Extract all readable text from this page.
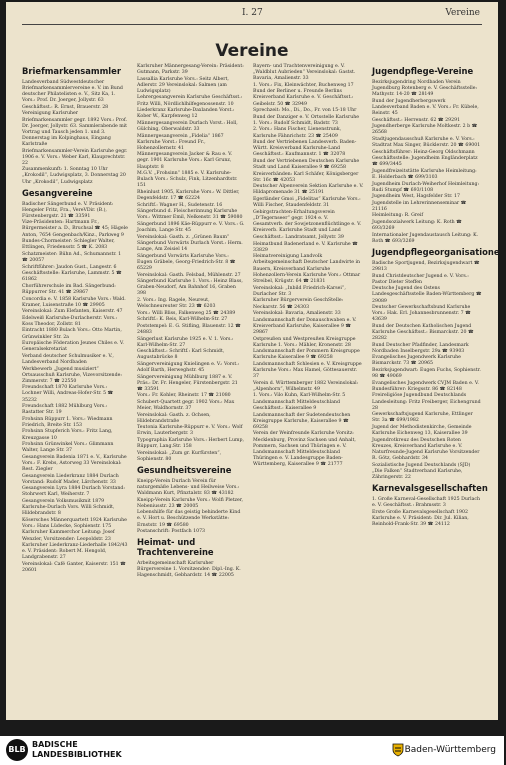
I. 27	Vereine
Vereine
Briefmarkensammler
Landesverband Südwestdeutscher Briefmarkensammlervereine e. V. im Bund deutscher Philatelisten e. V., Sitz Ka, 1. Vors.: Prof. Dr. Joerger, Jollystr. 63
Geschäftsst.: R. Ernst, Brauerstr. 28
Vereinigung Karlsruher Briefmarkensammler gegr. 1892 Vors.: Prof. Dr. Joerger, Jollystr. 63. Sammlerabende mit Vortrag und Tausch jeden 1. und 3. Donnerstag im Kolpinghaus, Eingang Karlstraße
Briefmarkensammler-Verein Karlsruhe gegr. 1906 e. V. Vors.: Weber Karl, Klauprechtstr. 22
Zusammenkunft: 1. Sonntag 10 Uhr „Krokodil“, Ludwigsplatz, 3. Donnerstag 20 Uhr „Krokodil“, Ludwigsplatz
Gesangvereine
Badischer Sängerbund e. V. Präsident: Hengeler Fritz, Fra., VereVDir. (B.), Fürstenbergstr. 21 ☎ 33591
Vize-Präsidenten: Hartmann Fr., Bürgermeister a. D., Bruchsal ☎ 45; Hägele Anton, 7654 Gengenbach/Kinz., Parkweg 9
Bundes-Chormeister: Schlegler Walter, Ettlingen, Friedensstr. 5 ☎ K. 2083
Schatzmeister: Bühn Ad., Schumannstr. 1 ☎ 20057
Schriftführer: Jaudon Gust., Langestr. 6
Geschäftsstelle: Karlsruhe, Lammstr. 5 ☎ 61862
Chorführerschule im Bad. Sängerbund: Rüppurrer Str. 41 ☎ 29867
Concordia e. V. 1858 Karlsruhe Vors.: Wald. Kramer, Luisenstraße 10 ☎ 29905
Vereinslokal: Zum Elefanten, Kaiserstr. 47
Edelweiß Karlsruhe-Durlacherstr. Vors.: Koss Theodor, Zollstr. 81
Eintracht 1880 Bulach Vors.: Otto Martin, Grünwinkler Str. 2a
Europäische Föderation Jeunes Chiles e. V. Generalsekretariat
Verband deutscher Schulmusiker e. V., Landesverband Nordbaden
Werkbewerb „Jugend musiziert“ Ortsausschuß Karlsruhe, Vizevorsitzende: Zimmerstr. 7 ☎ 22550
Freundschaft 1870 Karlsruhe Vors.: Lochner Willi, Andreas-Hofer-Str. 5 ☎ 35232
Freundschaft 1882 Mühlburg Vors.: Rastatter Str. 19
Frohsinn Rüppurr 1. Vors.: Wiedmann Friedrich, Breite Str. 153
Frohsinn Stupferich Vors.: Fritz Lang, Kreuzgasse 10
Frohsinn Grünwinkel Vors.: Glimmann Walter, Lange Str. 37
Gesangverein Badenia 1871 e. V., Karlsruhe Vors.: F. Krebs, Astorweg 33 Vereinslokal: Rest. Ziegler
Gesangverein Liederkranz 1884 Durlach Vorstand: Rudolf Mader, Lärchenstr. 33
Gesangverein Lyra 1884 Durlach Vorstand: Stohrwert Karl, Weiherstr. 7
Gesangverein Volksmusikmit 1879 Karlsruhe-Durlach Vors. Willi Schmidt, Hildebrandstr. 8
Kösersches Männerquartett 1924 Karlsruhe Vors.: Hans Lüdecke, Sophienstr. 175
Karlsruher Kammerchor Leitung: Josef Wenzler, Vorsitzender: Leopoldstr. 23
Karlsruher Liederkranz-Liederhalle 1842/43 e. V. Präsident: Robert M. Hengold, Landgrabenstr. 27
Vereinslokal: Café Ganter, Kaiserstr. 151 ☎ 20601
Karlsruher Männergesang-Verein: Präsident: Gutmann, Parkstr. 39
Lassallia Karlsruhe Vors.: Seitz Albert, Adlerstr. 29 Vereinslokal: Salmen (am Ludwigsplatz)
Lehrergesangverein Karlsruhe Geschäftsst.: Fritz Willi, Nördlichlhilfegenossenstr. 10
Liederkranz Karlsruhe-Daxlanden Vorst.: Kober W., Karpfenweg 12
Männergesangverein Durlach Vorst.: Holl, Gülching, Oberwaldstr. 33
Männergesangverein „Fidelia“ 1867 Karlsruhe Vorst.: Freund Fr., Hohenzollernstr. 41
Männergesangverein Jacker & Rau e. V. gegr. 1901 Karlsruhe Vors.: Karl Grunz, Hauptstr. 8
M.G.V. „Frohsinn“ 1885 e. V. Karlsruhe-Bulach Vors.: Schulz, Fink, Litzenhardtstr. 151
Rheinlust 1905, Karlsruhe Vors.: W. Dittler, Degenfeldstr. 17 ☎ 62224
Schriftf.: Wagner H., Sudetenstr. 16
Sängerbund d. Fleischerinnung Karlsruhe Vors.: Wittmer Emil, Nelkenstr. 31 ☎ 59080
Sängerbund 1896 Käe-Rüppurr e. V. Vors.: G. Joachim, Lange Str. 45
Vereinslokal: Gasth. z. „Grünen Baum“
Sängerbund Vorwärts Durlach Vorst.: Herm. Lange, Am Zeisiel 14
Sängerbund Vorwärts Karlsruhe Vors.: Eugen Gräbele, Georg-Friedrich-Str. 8 ☎ 65229
Vereinslokal: Gasth. Felsbad, Mühlenstr. 27
Sängerbund Karlsruhe 1. Vors.: Heinz Blass, Graben-Neudorf, Am Bahnhof 16, Graben 398
2. Vors.: Ing. Ragele, Neureut, Welschneureuter Str. 23 ☎ 6203
Vors.: Willi Bliss, Falkenweg 25 ☎ 24389
Schriftf.: K. Reis, Karl-Wilhelm-Str. 27
Poststempel: E. G. Stifling, Blauenstr. 12 ☎ 24883
Sängerlust Karlsruhe 1925 e. V. 1. Vors.: Karl-Wilhelm-Str. 27
Geschäftsst.: Schriftf.: Karl Schmidt, Augustabrücke 8
Sängervereinigung Knielingen e. V.: Vorst.: Adolf Barth, Herweghstr. 45
Sängervereinigung Mühlburg 1887 e. V. Präs.: Dr. Fr. Hengeler, Fürstenbergstr. 21 ☎ 33591
Vors.: Fr. Kohler, Rheinstr. 17 ☎ 21080
Schubert-Quartett gegr. 1902 Vors.: Max Meier, Waldhornstr. 37
Vereinslokal: Gasth. z. Ochsen, Hildebrandstraße
Teutonia Karlsruhe-Rüppurr e. V. Vors.: Wolf Erwin, Lauterbergstr. 3
Typographia Karlsruhe Vors.: Herbert Lump, Rüppurr, Lang.Str. 158
Vereinslokal: „Zum gr. Kurfürsten“, Sophienstr. 80
Gesundheitsvereine
Kneipp-Verein Durlach Verein für naturgemäße Lebens- und Heilweise Vors.: Waldmann Kurt, Pfinztalstr. 83 ☎ 43182
Kneipp-Verein Karlsruhe Vors.: Wolfi Pletzer, Nebeniusstr. 23 ☎ 20005
Lebenshilfe für das geistig behinderte Kind e. V. Hort u. Beschützende Werkstätte: Ernststr. 19 ☎ 69580
Postanschrift: Postfach 1073
Heimat- und Trachtenvereine
Arbeitsgemeinschaft Karlsruher Bürgervereine 1. Vorsitzender: Dipl.-Ing. K. Hagenschmidt, Gebhardstr. 14 ☎ 22005
Bayern- und Trachtenvereinigung e. V. „Waldblut Aubrieden“ Vereinslokal: Gastst. Bavaria, Amalienstr. 33
1. Vors.: Fix, Kleinwächter, Buchenweg 17
Bund der Berliner u. Freunde Berlins Kreisverband Karlsruhe e. V. Geschäftsst.: Geibelstr. 50 ☎ 32949
Sprechzeit: Mo., Di., Do., Fr. von 15-18 Uhr
Bund der Danziger e. V. Ortsstelle Karlsruhe 1. Vors.: Rudolf Schmidt, Badstr. 73
2. Vors.: Hans Fischer, Lienenstrunk, Karlsruhe Fähnrichstr. 23 ☎ 25409
Bund der Vertriebenen Landesverb. Baden-Württ. Kreisverband Karlsruhe-Land Geschäftsst.: Kaufmannstr. 1 ☎ 32078
Bund der Vertriebenen Deutschen Karlsruhe Stadt und Land Kaiserallee 9 ☎ 69258
Kreisverbänden: Karl Schäfer, Königsberger Str. 16c ☎ 42053
Deutscher Alpenverein Sektion Karlsruhe e. V. Hildapromenade 31 ☎ 25191
Egerländer Gmoi „Fidelitas“ Karlsruhe Vors.: Willi Fischer, Staudenfeldstr. 31
Gebirgstrachten-Erhaltungsverein „D’Tegernseer“ gegr. 1924 e. V.
Gesamtverb. der Sowjetzonenflüchtlinge e. V. Kreisverb. Karlsruhe Stadt und Land
Geschäftsst.: Landratsamt, Jollystr. 39
Heimatbund Badenerland e. V. Karlsruhe ☎ 33829
Heimatvereinigung Landvolk Arbeitsgemeinschaft Deutscher Landwirte in Bauern, Kreisverband Karlsruhe
Hohenzollern-Verein Karlsruhe Vors.: Ottmar Streibel, Krügstr. 64 ☎ 21831
Vereinslokal: „Inbild Friedrich-Karsei“, Durlacher Str. 3
Karlsruher Bürgerverein GeschStelle: Neckarstr. 56 ☎ 24303
Vereinslokal: Bavaria, Amalienstr. 33
Landsmannschaft der Donauschwaben e. V. Kreisverband Karlsruhe, Kaiserallee 9 ☎ 29867
Ostpreußen und Westpreußen Kreisgruppe Karlsruhe 1. Vors.: Mähler, Kronenstr. 28
Landsmannschaft der Pommern Kreisgruppe Karlsruhe Kaiserallee 9 ☎ 69258
Landsmannschaft Schlesien e. V. Kreisgruppe Karlsruhe Vors.: Max Hamel, Göttesauerstr. 37
Verein d. Württemberger 1882 Vereinslokal: „Alpenhorn“, Wilhelmstr. 49
1. Vors.: Vilo Kuhn, Karl-Wilhelm-Str. 5
Landsmannschaft Mitteldeutschland Geschäftsst.: Kaiserallee 9
Landsmannschaft der Sudetendeutschen Kreisgruppe Karlsruhe, Kaiserallee 9 ☎ 69258
Verein der Weinfreunde Karlsruhe Vorsitz: Mecklenburg, Provinz Sachsen und Anhalt, Pommern, Sachsen und Thüringen e. V.
Landsmannschaft Mitteldeutschland Thüringen e. V. Landesgruppe Baden-Württemberg, Kaiserallee 9 ☎ 21777
Jugendpflege-Vereine
Bezirksjugendring Nordbaden Verein Jugendburg Rotenberg e. V. Geschäftsstelle: Mathystr. 14-20 ☎ 28149
Bund der Jugendherbergswerk Landesverband Baden e. V. Vors.: Fr. Kübele, Reinstr. 45
Geschäftsst.: Herrenstr. 62 ☎ 29291
Jugendherberge Karlsruhe Moltkestr. 2 b ☎ 26568
Stadtjugendausschuß Karlsruhe e. V. Vors.: Stadtrat Max Singer, Bücklerstr. 20 ☎ 69001
Geschäftsführer: Heinz-Georg Oldschmann
Geschäftsstelle: Jugendheim Engländerplatz ☎ 699/3445
Jugendfreizeitstätte Karlsruhe Heimleitung: E. Holderbach ☎ 699/3103
Jugendheim Durlach-Weiherhof Heimleitung: Rudi Stumpf ☎ 693/1108
Jugendheim West, Hagsfelder Str. 17
Jugendstelle im Lehrerinnenseminar ☎ 21116
Heimleitung: R. Greif
Jugendsozialwerk Leitung: K. Roth ☎ 693/3269
Internationaler Jugendaustausch Leitung: K. Roth ☎ 693/3269
Jugendpflegeorganisationen
Badische Sportjugend, Bezirksjugendwart ☎ 29813
Bund Christdeutscher Jugend e. V. Vors.: Pastor Dieter Steffen
Deutsche Jugend des Ostens Landesgeschäftsstelle Baden-Württemberg ☎ 29089
Deutscher Gewerkschaftsbund Karlsruhe Vors.: Hak. Erl. Johannesbrunnenstr. 7 ☎ 43639
Bund der Deutschen Katholischen Jugend Karlsruhe Geschäftsst.: Bismarckstr. 20 ☎ 28282
Bund Deutscher Pfadfinder, Landesmark Nordbaden Inselbergstr. 29a ☎ 93903
Evangelisches Jugendwerk Karlsruhe Bismarckstr. 73 ☎ 20965
Bezirksjugendwart: Eugen Fuchs, Sophienstr. 98 ☎ 49069
Evangelisches Jugendwerk CVJM Baden e. V. Bundesführer: Kriegsstr. 86 ☎ 82148
Freireligiöse Jugendbund Deutschlands Landesleitung: Fritz Freiberger, Eichengrund 28
Gewerkschaftsjugend Karlsruhe, Ettlinger Str. 3a ☎ 699/1982
Jugend der Methodistenkirche, Gemeinde Karlsruhe Eichenweg 13, Kaiserallee 39
Jugendrotkreuz des Deutschen Roten Kreuzes, Kreisverband Karlsruhe e. V.
Naturfreunde-Jugend Karlsruhe Vorsitzender R. Götz, Gebhardstr. 34
Sozialistische Jugend Deutschlands (SJD) „Die Falken“ Stadtverband Karlsruhe, Zähringerstr. 22
Karnevalsgesellschaften
1. Große Karneval-Gesellschaft 1925 Durlach e. V. Geschäftsst.: Brahmsstr. 3
Erste Große Karnevalsgesellschaft 1902 Karlsruhe e. V. Präsident: Dir. Jul. Kilian, Reinhold-Frank-Str. 39 ☎ 24112
BLB
BADISCHE
LANDESBIBLIOTHEK	Baden-Württemberg
